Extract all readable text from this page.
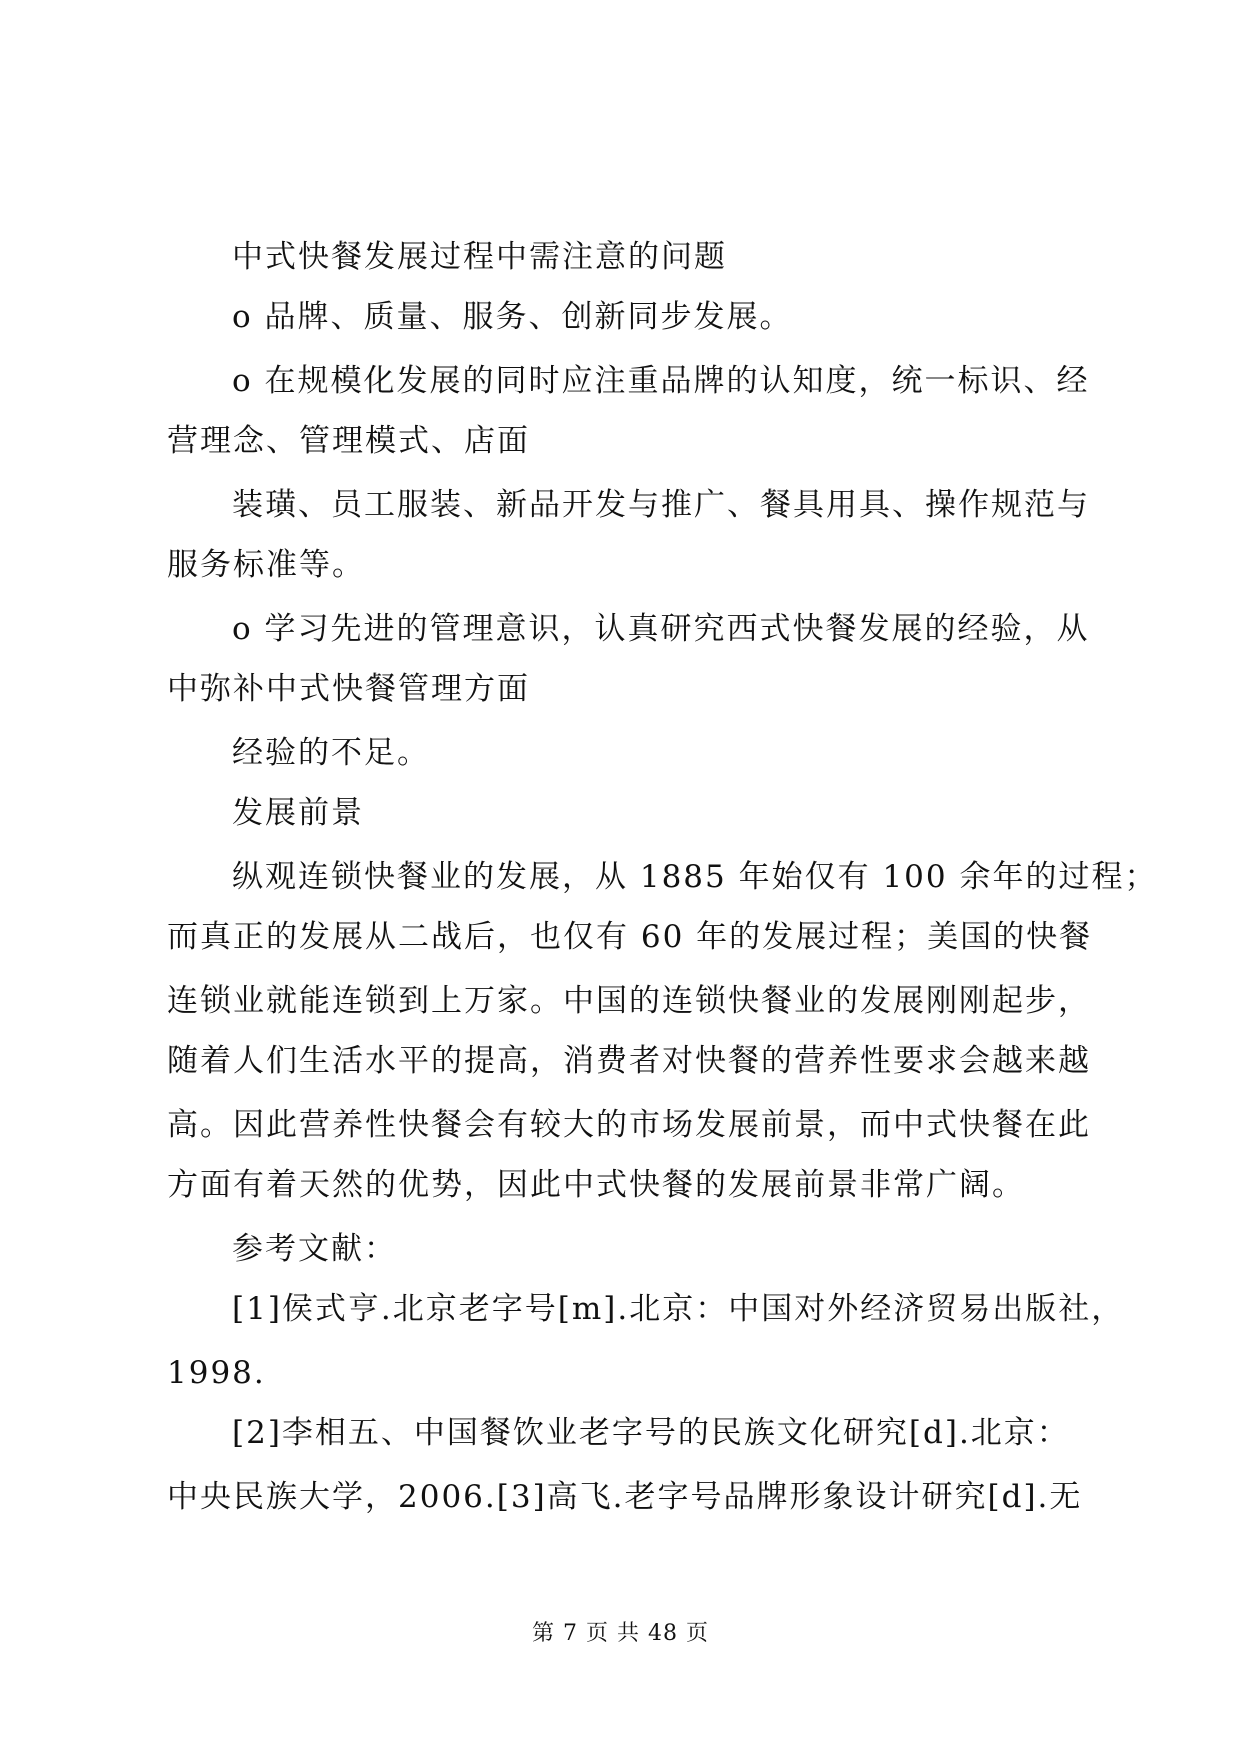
中式快餐发展过程中需注意的问题

o 品牌、质量、服务、创新同步发展。

o 在规模化发展的同时应注重品牌的认知度，统一标识、经

营理念、管理模式、店面

装璜、员工服装、新品开发与推广、餐具用具、操作规范与

服务标准等。

o 学习先进的管理意识，认真研究西式快餐发展的经验，从

中弥补中式快餐管理方面

经验的不足。

发展前景

纵观连锁快餐业的发展，从 1885 年始仅有 100 余年的过程；

而真正的发展从二战后，也仅有 60 年的发展过程；美国的快餐

连锁业就能连锁到上万家。中国的连锁快餐业的发展刚刚起步，

随着人们生活水平的提高，消费者对快餐的营养性要求会越来越

高。因此营养性快餐会有较大的市场发展前景，而中式快餐在此

方面有着天然的优势，因此中式快餐的发展前景非常广阔。

参考文献：

[1]侯式亨.北京老字号[m].北京：中国对外经济贸易出版社，

1998.

[2]李相五、中国餐饮业老字号的民族文化研究[d].北京：

中央民族大学，2006.[3]高飞.老字号品牌形象设计研究[d].无

第 7 页 共 48 页
